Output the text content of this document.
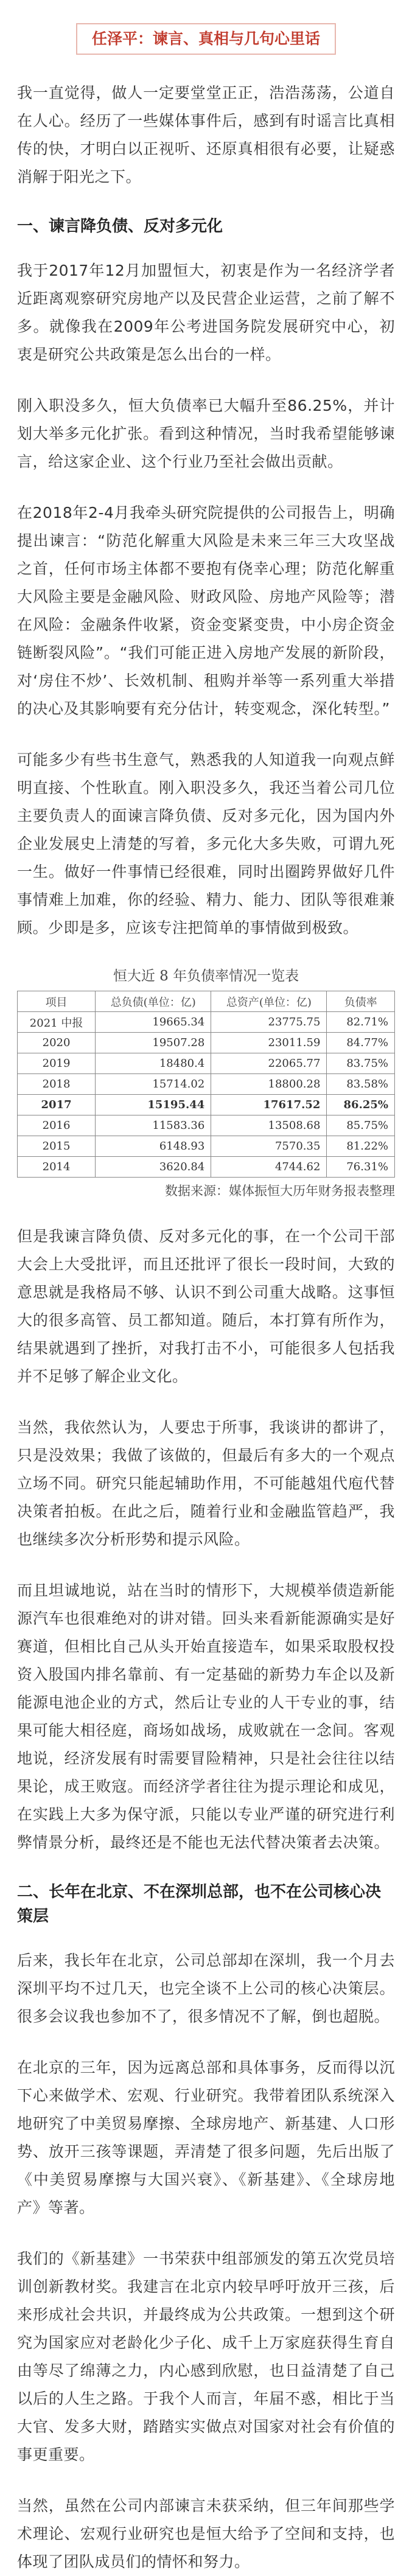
任泽平：谏言、真相与几句心里话

我一直觉得，做人一定要堂堂正正，浩浩荡荡，公道自在人心。经历了一些媒体事件后，感到有时谣言比真相传的快，才明白以正视听、还原真相很有必要，让疑惑消解于阳光之下。

一、谏言降负债、反对多元化

我于2017年12月加盟恒大，初衷是作为一名经济学者近距离观察研究房地产以及民营企业运营，之前了解不多。就像我在2009年公考进国务院发展研究中心，初衷是研究公共政策是怎么出台的一样。

刚入职没多久，恒大负债率已大幅升至86.25%，并计划大举多元化扩张。看到这种情况，当时我希望能够谏言，给这家企业、这个行业乃至社会做出贡献。

在2018年2-4月我牵头研究院提供的公司报告上，明确提出谏言：“防范化解重大风险是未来三年三大攻坚战之首，任何市场主体都不要抱有侥幸心理；防范化解重大风险主要是金融风险、财政风险、房地产风险等；潜在风险：金融条件收紧，资金变紧变贵，中小房企资金链断裂风险”。“我们可能正进入房地产发展的新阶段，对‘房住不炒’、长效机制、租购并举等一系列重大举措的决心及其影响要有充分估计，转变观念，深化转型。”

可能多少有些书生意气，熟悉我的人知道我一向观点鲜明直接、个性耿直。刚入职没多久，我还当着公司几位主要负责人的面谏言降负债、反对多元化，因为国内外企业发展史上清楚的写着，多元化大多失败，可谓九死一生。做好一件事情已经很难，同时出圈跨界做好几件事情难上加难，你的经验、精力、能力、团队等很难兼顾。少即是多，应该专注把简单的事情做到极致。

恒大近 8 年负债率情况一览表
项目	总负债(单位：亿)	总资产(单位：亿)	负债率
2021 中报	19665.34	23775.75	82.71%
2020	19507.28	23011.59	84.77%
2019	18480.4	22065.77	83.75%
2018	15714.02	18800.28	83.58%
2017	15195.44	17617.52	86.25%
2016	11583.36	13508.68	85.75%
2015	6148.93	7570.35	81.22%
2014	3620.84	4744.62	76.31%
数据来源：媒体振恒大历年财务报表整理

但是我谏言降负债、反对多元化的事，在一个公司干部大会上大受批评，而且还批评了很长一段时间，大致的意思就是我格局不够、认识不到公司重大战略。这事恒大的很多高管、员工都知道。随后，本打算有所作为，结果就遇到了挫折，对我打击不小，可能很多人包括我并不足够了解企业文化。

当然，我依然认为，人要忠于所事，我谈讲的都讲了，只是没效果；我做了该做的，但最后有多大的一个观点立场不同。研究只能起辅助作用，不可能越俎代庖代替决策者拍板。在此之后，随着行业和金融监管趋严，我也继续多次分析形势和提示风险。

而且坦诚地说，站在当时的情形下，大规模举债造新能源汽车也很难绝对的讲对错。回头来看新能源确实是好赛道，但相比自己从头开始直接造车，如果采取股权投资入股国内排名靠前、有一定基础的新势力车企以及新能源电池企业的方式，然后让专业的人干专业的事，结果可能大相径庭，商场如战场，成败就在一念间。客观地说，经济发展有时需要冒险精神，只是社会往往以结果论，成王败寇。而经济学者往往为提示理论和成见，在实践上大多为保守派，只能以专业严谨的研究进行利弊情景分析，最终还是不能也无法代替决策者去决策。

二、长年在北京、不在深圳总部，也不在公司核心决策层

后来，我长年在北京，公司总部却在深圳，我一个月去深圳平均不过几天，也完全谈不上公司的核心决策层。很多会议我也参加不了，很多情况不了解，倒也超脱。

在北京的三年，因为远离总部和具体事务，反而得以沉下心来做学术、宏观、行业研究。我带着团队系统深入地研究了中美贸易摩擦、全球房地产、新基建、人口形势、放开三孩等课题，弄清楚了很多问题，先后出版了《中美贸易摩擦与大国兴衰》、《新基建》、《全球房地产》等著。

我们的《新基建》一书荣获中组部颁发的第五次党员培训创新教材奖。我建言在北京内较早呼吁放开三孩，后来形成社会共识，并最终成为公共政策。一想到这个研究为国家应对老龄化少子化、成千上万家庭获得生育自由等尽了绵薄之力，内心感到欣慰，也日益清楚了自己以后的人生之路。于我个人而言，年届不惑，相比于当大官、发多大财，踏踏实实做点对国家对社会有价值的事更重要。

当然，虽然在公司内部谏言未获采纳，但三年间那些学术理论、宏观行业研究也是恒大给予了空间和支持，也体现了团队成员们的情怀和努力。
